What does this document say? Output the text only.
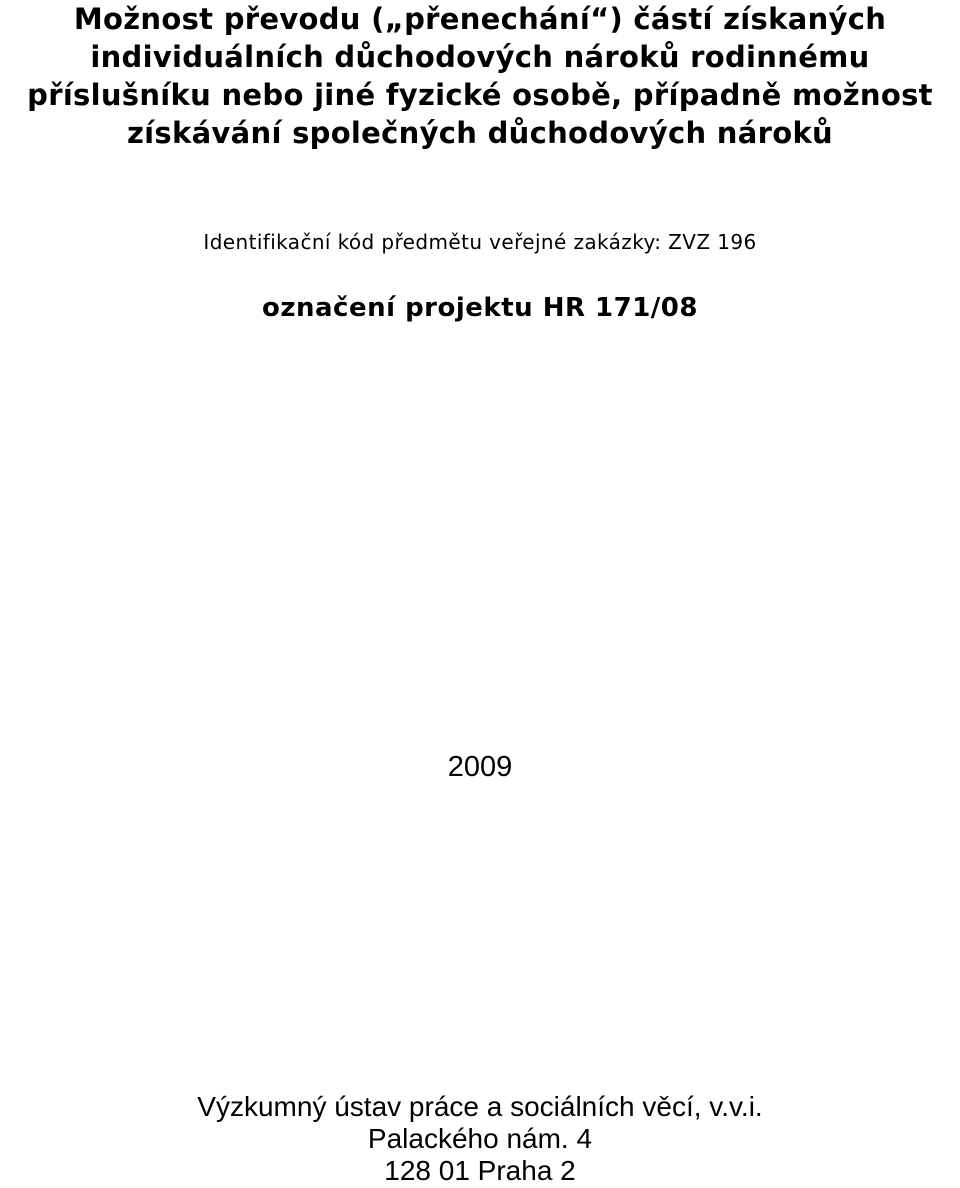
Možnost převodu („přenechání“) částí získaných
individuálních důchodových nároků rodinnému
příslušníku nebo jiné fyzické osobě, případně možnost
získávání společných důchodových nároků
Identifikační kód předmětu veřejné zakázky: ZVZ 196
označení projektu HR 171/08
2009
Výzkumný ústav práce a sociálních věcí, v.v.i.
Palackého nám. 4
128 01 Praha 2
